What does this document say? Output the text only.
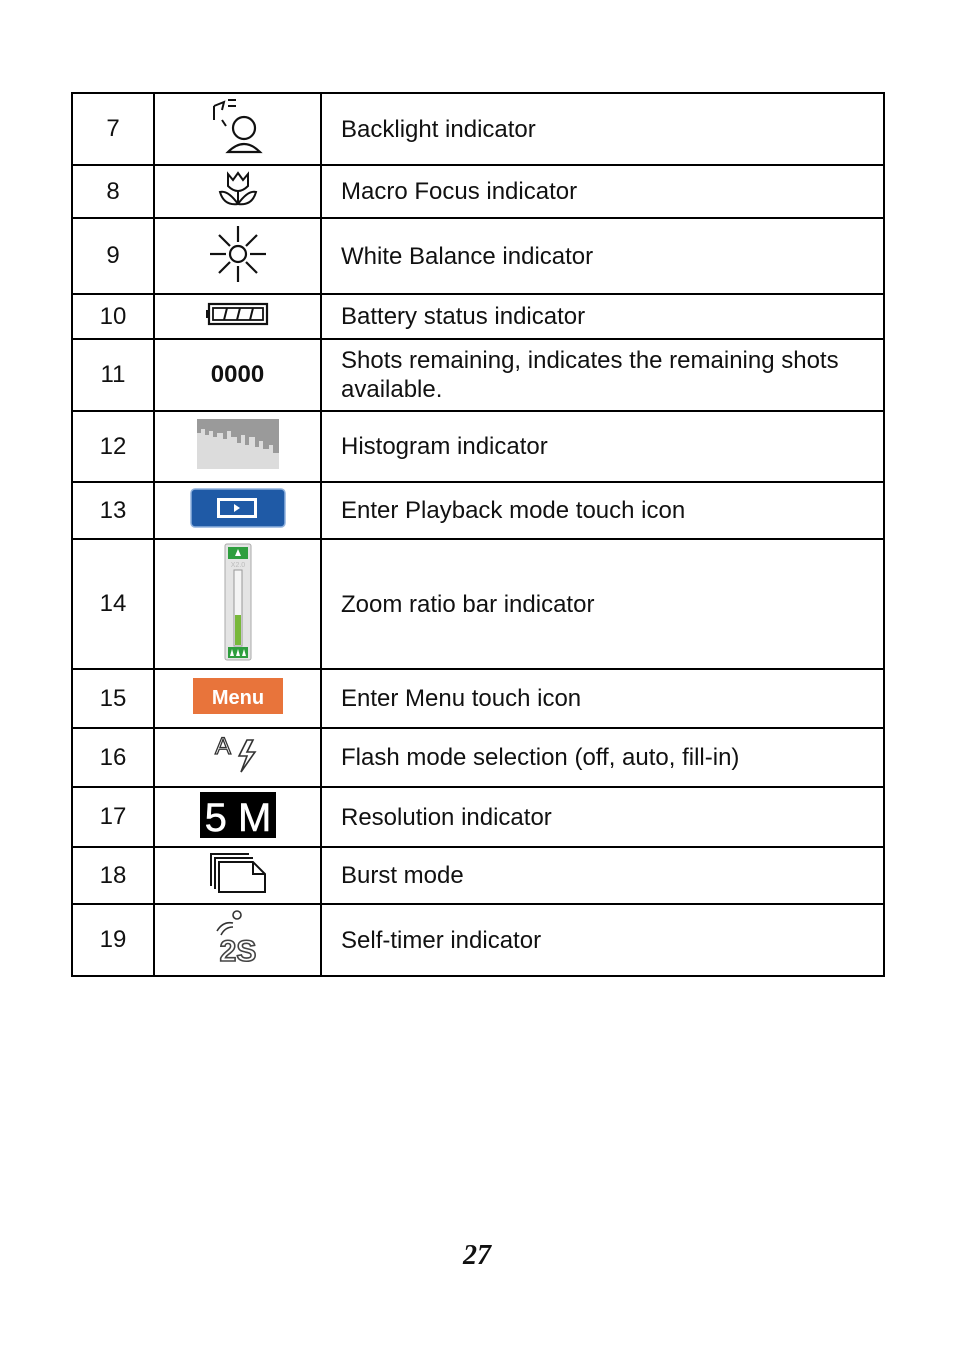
7		Backlight indicator
8		Macro Focus indicator
9		White Balance indicator
10		Battery status indicator
11	0000	Shots remaining, indicates the remaining shots available.
12		Histogram indicator
13		Enter Playback mode touch icon
14	X2.0	Zoom ratio bar indicator
15	Menu	Enter Menu touch icon
16	A	Flash mode selection (off, auto, fill-in)
17	5 M	Resolution indicator
18		Burst mode
19	2S	Self-timer indicator
27
